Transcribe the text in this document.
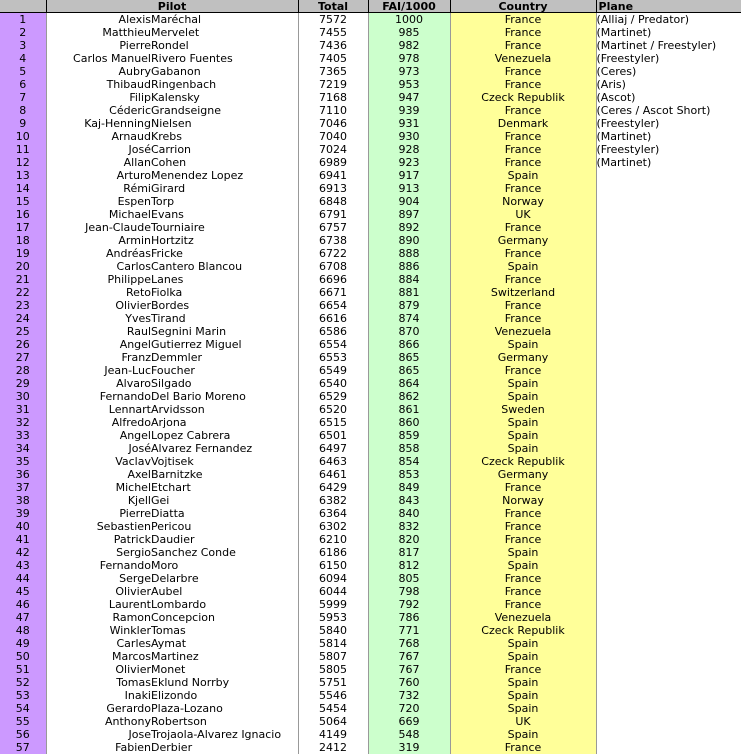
	Pilot		Total	FAI/1000	Country	Plane
1	Alexis	Maréchal	7572	1000	France	(Alliaj / Predator)
2	Matthieu	Mervelet	7455	985	France	(Martinet)
3	Pierre	Rondel	7436	982	France	(Martinet / Freestyler)
4	Carlos Manuel	Rivero Fuentes	7405	978	Venezuela	(Freestyler)
5	Aubry	Gabanon	7365	973	France	(Ceres)
6	Thibaud	Ringenbach	7219	953	France	(Aris)
7	Filip	Kalensky	7168	947	Czeck Republik	(Ascot)
8	Céderic	Grandseigne	7110	939	France	(Ceres / Ascot Short)
9	Kaj-Henning	Nielsen	7046	931	Denmark	(Freestyler)
10	Arnaud	Krebs	7040	930	France	(Martinet)
11	José	Carrion	7024	928	France	(Freestyler)
12	Allan	Cohen	6989	923	France	(Martinet)
13	Arturo	Menendez Lopez	6941	917	Spain	
14	Rémi	Girard	6913	913	France	
15	Espen	Torp	6848	904	Norway	
16	Michael	Evans	6791	897	UK	
17	Jean-Claude	Tourniaire	6757	892	France	
18	Armin	Hortzitz	6738	890	Germany	
19	Andréas	Fricke	6722	888	France	
20	Carlos	Cantero Blancou	6708	886	Spain	
21	Philippe	Lanes	6696	884	France	
22	Reto	Fiolka	6671	881	Switzerland	
23	Olivier	Bordes	6654	879	France	
24	Yves	Tirand	6616	874	France	
25	Raul	Segnini Marin	6586	870	Venezuela	
26	Angel	Gutierrez Miguel	6554	866	Spain	
27	Franz	Demmler	6553	865	Germany	
28	Jean-Luc	Foucher	6549	865	France	
29	Alvaro	Silgado	6540	864	Spain	
30	Fernando	Del Bario Moreno	6529	862	Spain	
31	Lennart	Arvidsson	6520	861	Sweden	
32	Alfredo	Arjona	6515	860	Spain	
33	Angel	Lopez Cabrera	6501	859	Spain	
34	José	Alvarez Fernandez	6497	858	Spain	
35	Vaclav	Vojtisek	6463	854	Czeck Republik	
36	Axel	Barnitzke	6461	853	Germany	
37	Michel	Etchart	6429	849	France	
38	Kjell	Gei	6382	843	Norway	
39	Pierre	Diatta	6364	840	France	
40	Sebastien	Pericou	6302	832	France	
41	Patrick	Daudier	6210	820	France	
42	Sergio	Sanchez Conde	6186	817	Spain	
43	Fernando	Moro	6150	812	Spain	
44	Serge	Delarbre	6094	805	France	
45	Olivier	Aubel	6044	798	France	
46	Laurent	Lombardo	5999	792	France	
47	Ramon	Concepcion	5953	786	Venezuela	
48	Winkler	Tomas	5840	771	Czeck Republik	
49	Carles	Aymat	5814	768	Spain	
50	Marcos	Martinez	5807	767	Spain	
51	Olivier	Monet	5805	767	France	
52	Tomas	Eklund Norrby	5751	760	Spain	
53	Inaki	Elizondo	5546	732	Spain	
54	Gerardo	Plaza-Lozano	5454	720	Spain	
55	Anthony	Robertson	5064	669	UK	
56	Jose	Trojaola-Alvarez Ignacio	4149	548	Spain	
57	Fabien	Derbier	2412	319	France	
